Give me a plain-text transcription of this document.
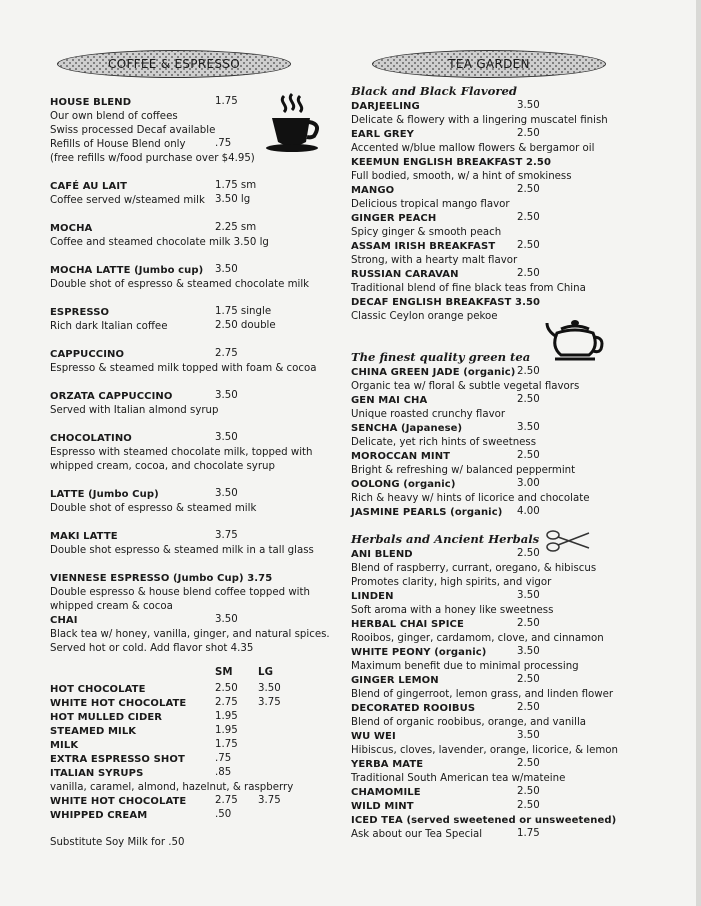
COFFEE & ESPRESSO
HOUSE BLEND	1.75
Our own blend of coffees
Swiss processed Decaf available
Refills of House Blend only	.75
(free refills w/food purchase over $4.95)
CAFÉ AU LAIT	1.75 sm
Coffee served w/steamed milk 3.50 lg
MOCHA	2.25 sm
Coffee and steamed chocolate milk 3.50 lg
MOCHA LATTE (Jumbo cup) 3.50
Double shot of espresso & steamed chocolate milk
ESPRESSO	1.75 single
Rich dark Italian coffee	2.50 double
CAPPUCCINO	2.75
Espresso & steamed milk topped with foam & cocoa
ORZATA CAPPUCCINO	3.50
Served with Italian almond syrup
CHOCOLATINO	3.50
Espresso with steamed chocolate milk, topped with
whipped cream, cocoa, and chocolate syrup
LATTE (Jumbo Cup)	3.50
Double shot of espresso & steamed milk
MAKI LATTE	3.75
Double shot espresso & steamed milk in a tall glass
VIENNESE ESPRESSO (Jumbo Cup) 3.75
Double espresso & house blend coffee topped with
whipped cream & cocoa
CHAI	3.50
Black tea w/ honey, vanilla, ginger, and natural spices.
Served hot or cold. Add flavor shot 4.35
SM LG
HOT CHOCOLATE	2.50 3.50
WHITE HOT CHOCOLATE	2.75 3.75
HOT MULLED CIDER	1.95
STEAMED MILK	1.95
MILK	1.75
EXTRA ESPRESSO SHOT	.75
ITALIAN SYRUPS	.85
vanilla, caramel, almond, hazelnut, & raspberry
WHITE HOT CHOCOLATE	2.75 3.75
WHIPPED CREAM	.50
Substitute Soy Milk for .50
TEA GARDEN
Black and Black Flavored
The finest quality green tea
Herbals and Ancient Herbals
DARJEELING	3.50
Delicate & flowery with a lingering muscatel finish
EARL GREY	2.50
Accented w/blue mallow flowers & bergamor oil
KEEMUN ENGLISH BREAKFAST 2.50
Full bodied, smooth, w/ a hint of smokiness
MANGO	2.50
Delicious tropical mango flavor
GINGER PEACH	2.50
Spicy ginger & smooth peach
ASSAM IRISH BREAKFAST 2.50
Strong, with a hearty malt flavor
RUSSIAN CARAVAN	2.50
Traditional blend of fine black teas from China
DECAF ENGLISH BREAKFAST 3.50
Classic Ceylon orange pekoe
CHINA GREEN JADE (organic) 2.50
Organic tea w/ floral & subtle vegetal flavors
GEN MAI CHA	2.50
Unique roasted crunchy flavor
SENCHA (Japanese)	3.50
Delicate, yet rich hints of sweetness
MOROCCAN MINT	2.50
Bright & refreshing w/ balanced peppermint
OOLONG (organic)	3.00
Rich & heavy w/ hints of licorice and chocolate
JASMINE PEARLS (organic) 4.00
ANI BLEND	2.50
Blend of raspberry, currant, oregano, & hibiscus
Promotes clarity, high spirits, and vigor
LINDEN	3.50
Soft aroma with a honey like sweetness
HERBAL CHAI SPICE	2.50
Rooibos, ginger, cardamom, clove, and cinnamon
WHITE PEONY (organic)	3.50
Maximum benefit due to minimal processing
GINGER LEMON	2.50
Blend of gingerroot, lemon grass, and linden flower
DECORATED ROOIBUS	2.50
Blend of organic roobibus, orange, and vanilla
WU WEI	3.50
Hibiscus, cloves, lavender, orange, licorice, & lemon
YERBA MATE	2.50
Traditional South American tea w/mateine
CHAMOMILE	2.50
WILD MINT	2.50
ICED TEA (served sweetened or unsweetened)
Ask about our Tea Special	1.75
